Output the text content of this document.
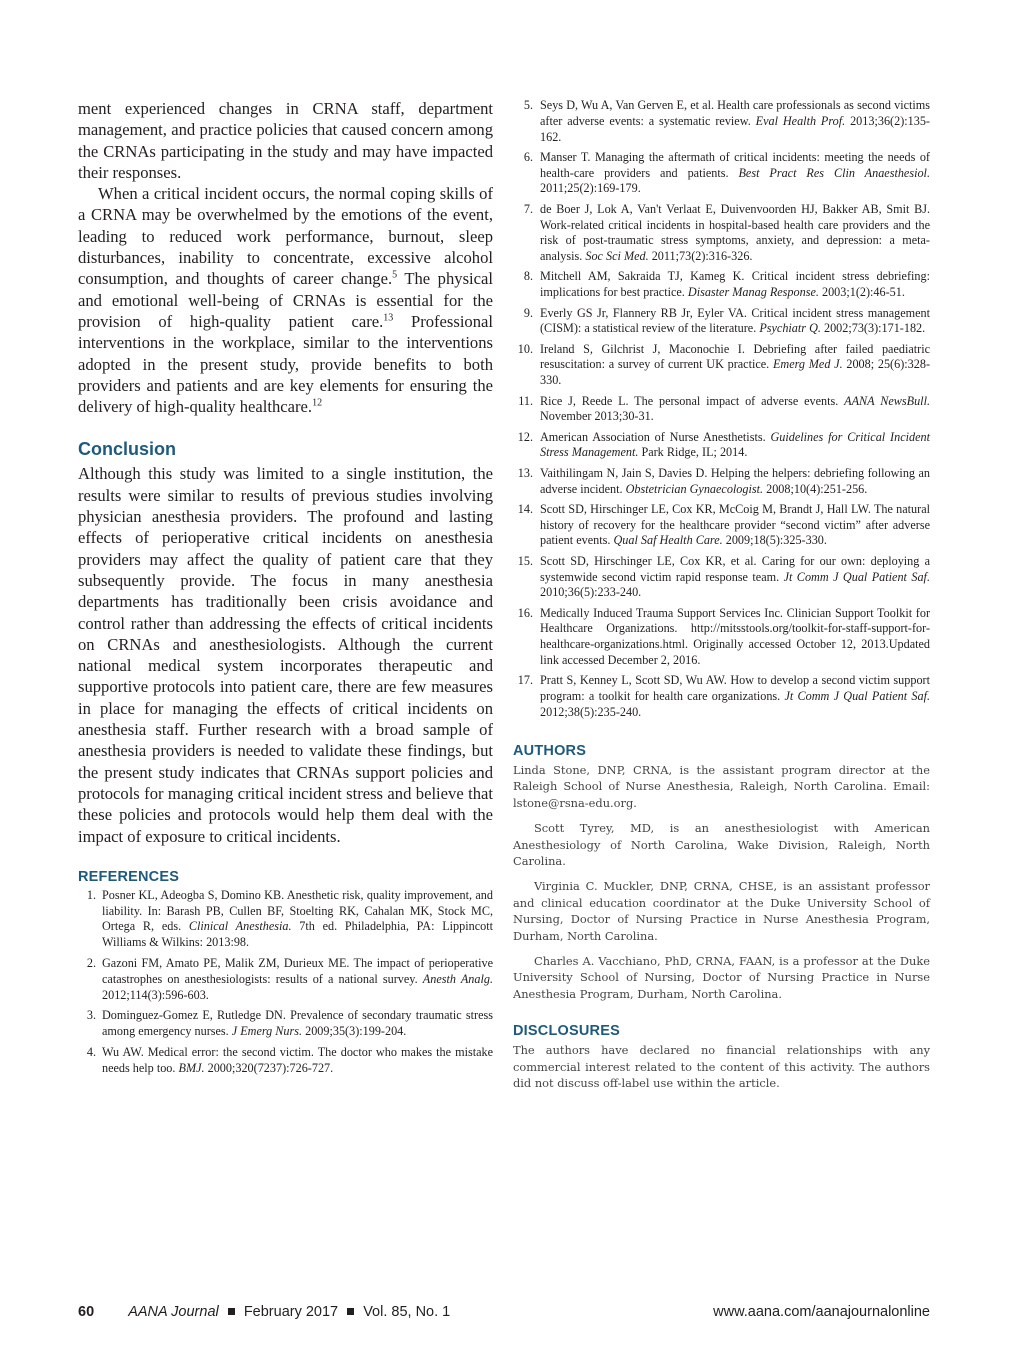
ment experienced changes in CRNA staff, department management, and practice policies that caused concern among the CRNAs participating in the study and may have impacted their responses.

When a critical incident occurs, the normal coping skills of a CRNA may be overwhelmed by the emotions of the event, leading to reduced work performance, burnout, sleep disturbances, inability to concentrate, excessive alcohol consumption, and thoughts of career change.$^5$ The physical and emotional well-being of CRNAs is essential for the provision of high-quality patient care.$^{13}$ Professional interventions in the workplace, similar to the interventions adopted in the present study, provide benefits to both providers and patients and are key elements for ensuring the delivery of high-quality healthcare.$^{12}$

Conclusion

Although this study was limited to a single institution, the results were similar to results of previous studies involving physician anesthesia providers. The profound and lasting effects of perioperative critical incidents on anesthesia providers may affect the quality of patient care that they subsequently provide. The focus in many anesthesia departments has traditionally been crisis avoidance and control rather than addressing the effects of critical incidents on CRNAs and anesthesiologists. Although the current national medical system incorporates therapeutic and supportive protocols into patient care, there are few measures in place for managing the effects of critical incidents on anesthesia staff. Further research with a broad sample of anesthesia providers is needed to validate these findings, but the present study indicates that CRNAs support policies and protocols for managing critical incident stress and believe that these policies and protocols would help them deal with the impact of exposure to critical incidents.

REFERENCES
1. Posner KL, Adeogba S, Domino KB. Anesthetic risk, quality improvement, and liability. In: Barash PB, Cullen BF, Stoelting RK, Cahalan MK, Stock MC, Ortega R, eds. Clinical Anesthesia. 7th ed. Philadelphia, PA: Lippincott Williams & Wilkins: 2013:98.
2. Gazoni FM, Amato PE, Malik ZM, Durieux ME. The impact of perioperative catastrophes on anesthesiologists: results of a national survey. Anesth Analg. 2012;114(3):596-603.
3. Dominguez-Gomez E, Rutledge DN. Prevalence of secondary traumatic stress among emergency nurses. J Emerg Nurs. 2009;35(3):199-204.
4. Wu AW. Medical error: the second victim. The doctor who makes the mistake needs help too. BMJ. 2000;320(7237):726-727.
5. Seys D, Wu A, Van Gerven E, et al. Health care professionals as second victims after adverse events: a systematic review. Eval Health Prof. 2013;36(2):135-162.
6. Manser T. Managing the aftermath of critical incidents: meeting the needs of health-care providers and patients. Best Pract Res Clin Anaesthesiol. 2011;25(2):169-179.
7. de Boer J, Lok A, Van't Verlaat E, Duivenvoorden HJ, Bakker AB, Smit BJ. Work-related critical incidents in hospital-based health care providers and the risk of post-traumatic stress symptoms, anxiety, and depression: a meta-analysis. Soc Sci Med. 2011;73(2):316-326.
8. Mitchell AM, Sakraida TJ, Kameg K. Critical incident stress debriefing: implications for best practice. Disaster Manag Response. 2003;1(2):46-51.
9. Everly GS Jr, Flannery RB Jr, Eyler VA. Critical incident stress management (CISM): a statistical review of the literature. Psychiatr Q. 2002;73(3):171-182.
10. Ireland S, Gilchrist J, Maconochie I. Debriefing after failed paediatric resuscitation: a survey of current UK practice. Emerg Med J. 2008; 25(6):328-330.
11. Rice J, Reede L. The personal impact of adverse events. AANA NewsBull. November 2013;30-31.
12. American Association of Nurse Anesthetists. Guidelines for Critical Incident Stress Management. Park Ridge, IL; 2014.
13. Vaithilingam N, Jain S, Davies D. Helping the helpers: debriefing following an adverse incident. Obstetrician Gynaecologist. 2008;10(4):251-256.
14. Scott SD, Hirschinger LE, Cox KR, McCoig M, Brandt J, Hall LW. The natural history of recovery for the healthcare provider “second victim” after adverse patient events. Qual Saf Health Care. 2009;18(5):325-330.
15. Scott SD, Hirschinger LE, Cox KR, et al. Caring for our own: deploying a systemwide second victim rapid response team. Jt Comm J Qual Patient Saf. 2010;36(5):233-240.
16. Medically Induced Trauma Support Services Inc. Clinician Support Toolkit for Healthcare Organizations. http://mitsstools.org/toolkit-for-staff-support-for-healthcare-organizations.html. Originally accessed October 12, 2013.Updated link accessed December 2, 2016.
17. Pratt S, Kenney L, Scott SD, Wu AW. How to develop a second victim support program: a toolkit for health care organizations. Jt Comm J Qual Patient Saf. 2012;38(5):235-240.
AUTHORS

Linda Stone, DNP, CRNA, is the assistant program director at the Raleigh School of Nurse Anesthesia, Raleigh, North Carolina. Email: lstone@rsna-edu.org.

Scott Tyrey, MD, is an anesthesiologist with American Anesthesiology of North Carolina, Wake Division, Raleigh, North Carolina.

Virginia C. Muckler, DNP, CRNA, CHSE, is an assistant professor and clinical education coordinator at the Duke University School of Nursing, Doctor of Nursing Practice in Nurse Anesthesia Program, Durham, North Carolina.

Charles A. Vacchiano, PhD, CRNA, FAAN, is a professor at the Duke University School of Nursing, Doctor of Nursing Practice in Nurse Anesthesia Program, Durham, North Carolina.

DISCLOSURES

The authors have declared no financial relationships with any commercial interest related to the content of this activity. The authors did not discuss off-label use within the article.

60 AANA Journal February 2017 Vol. 85, No. 1	www.aana.com/aanajournalonline
